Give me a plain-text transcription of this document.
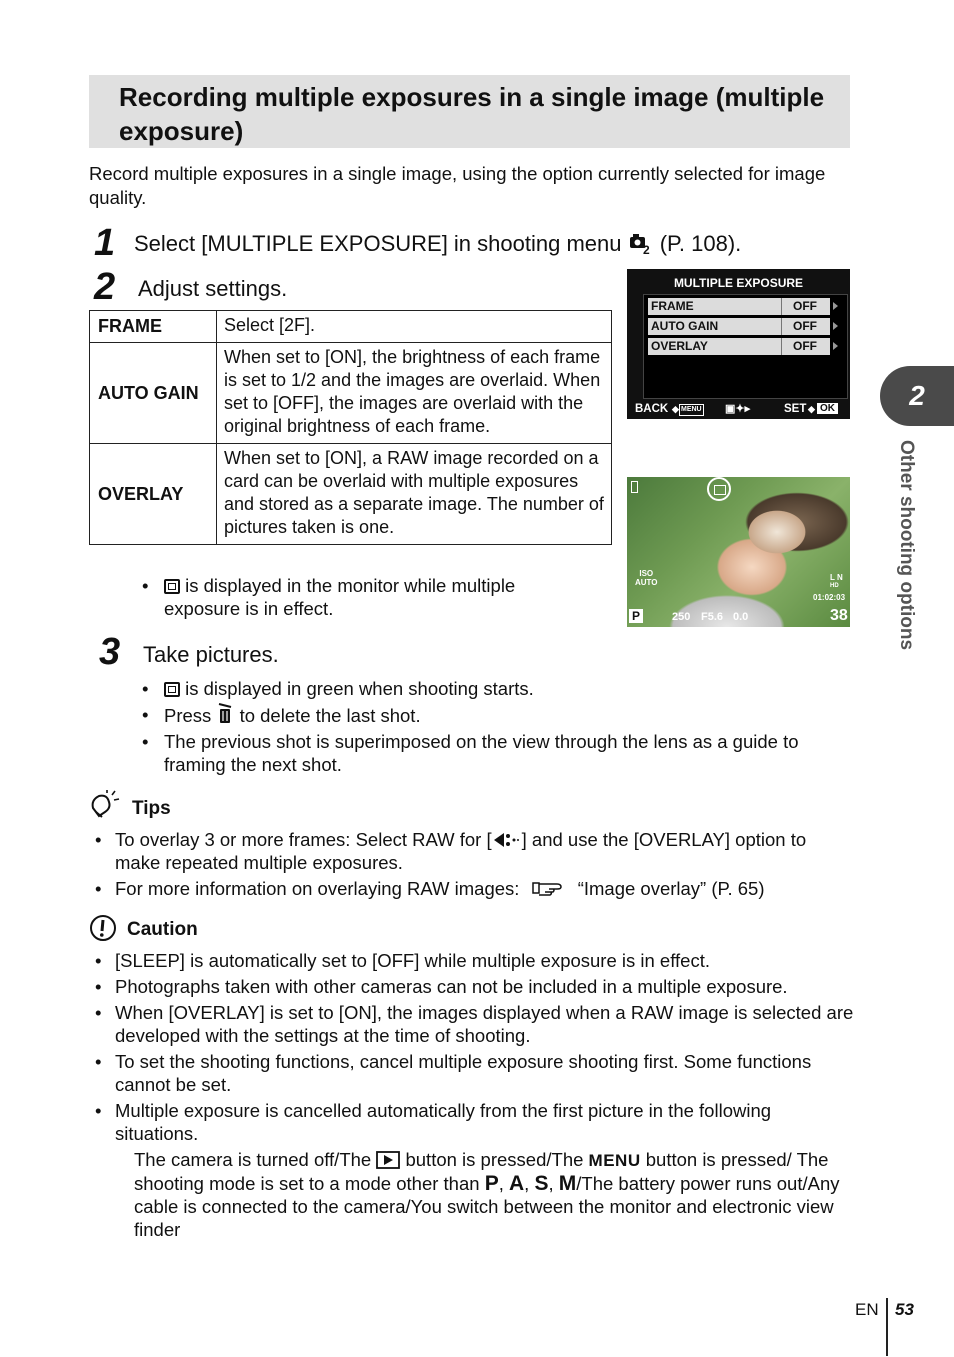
Recording multiple exposures in a single image (multiple exposure)
Record multiple exposures in a single image, using the option currently selected for image quality.
1 Select [MULTIPLE EXPOSURE] in shooting menu 2 (P. 108).
2 Adjust settings.
FRAME	Select [2F].
AUTO GAIN	When set to [ON], the brightness of each frame is set to 1/2 and the images are overlaid. When set to [OFF], the images are overlaid with the original brightness of each frame.
OVERLAY	When set to [ON], a RAW image recorded on a card can be overlaid with multiple exposures and stored as a separate image. The number of pictures taken is one.
• is displayed in the monitor while multiple exposure is in effect.
MULTIPLE EXPOSURE
FRAME	OFF
AUTO GAIN	OFF
OVERLAY	OFF
BACK ◆ MENU ▣✦▸	SET ◆ OK
ISO
AUTO
L N
HD
01:02:03
P	250 F5.6 0.0	38
3 Take pictures.
• is displayed in green when shooting starts.
• Press to delete the last shot.
• The previous shot is superimposed on the view through the lens as a guide to framing the next shot.
Tips
• To overlay 3 or more frames: Select RAW for [ ] and use the [OVERLAY] option to make repeated multiple exposures.
• For more information on overlaying RAW images:	“Image overlay” (P. 65)
Caution
• [SLEEP] is automatically set to [OFF] while multiple exposure is in effect.
• Photographs taken with other cameras can not be included in a multiple exposure.
• When [OVERLAY] is set to [ON], the images displayed when a RAW image is selected are developed with the settings at the time of shooting.
• To set the shooting functions, cancel multiple exposure shooting first. Some functions cannot be set.
• Multiple exposure is cancelled automatically from the first picture in the following situations.
The camera is turned off/The button is pressed/The MENU button is pressed/ The shooting mode is set to a mode other than P, A, S, M/The battery power runs out/Any cable is connected to the camera/You switch between the monitor and electronic view finder
2
Other shooting options
EN 53
